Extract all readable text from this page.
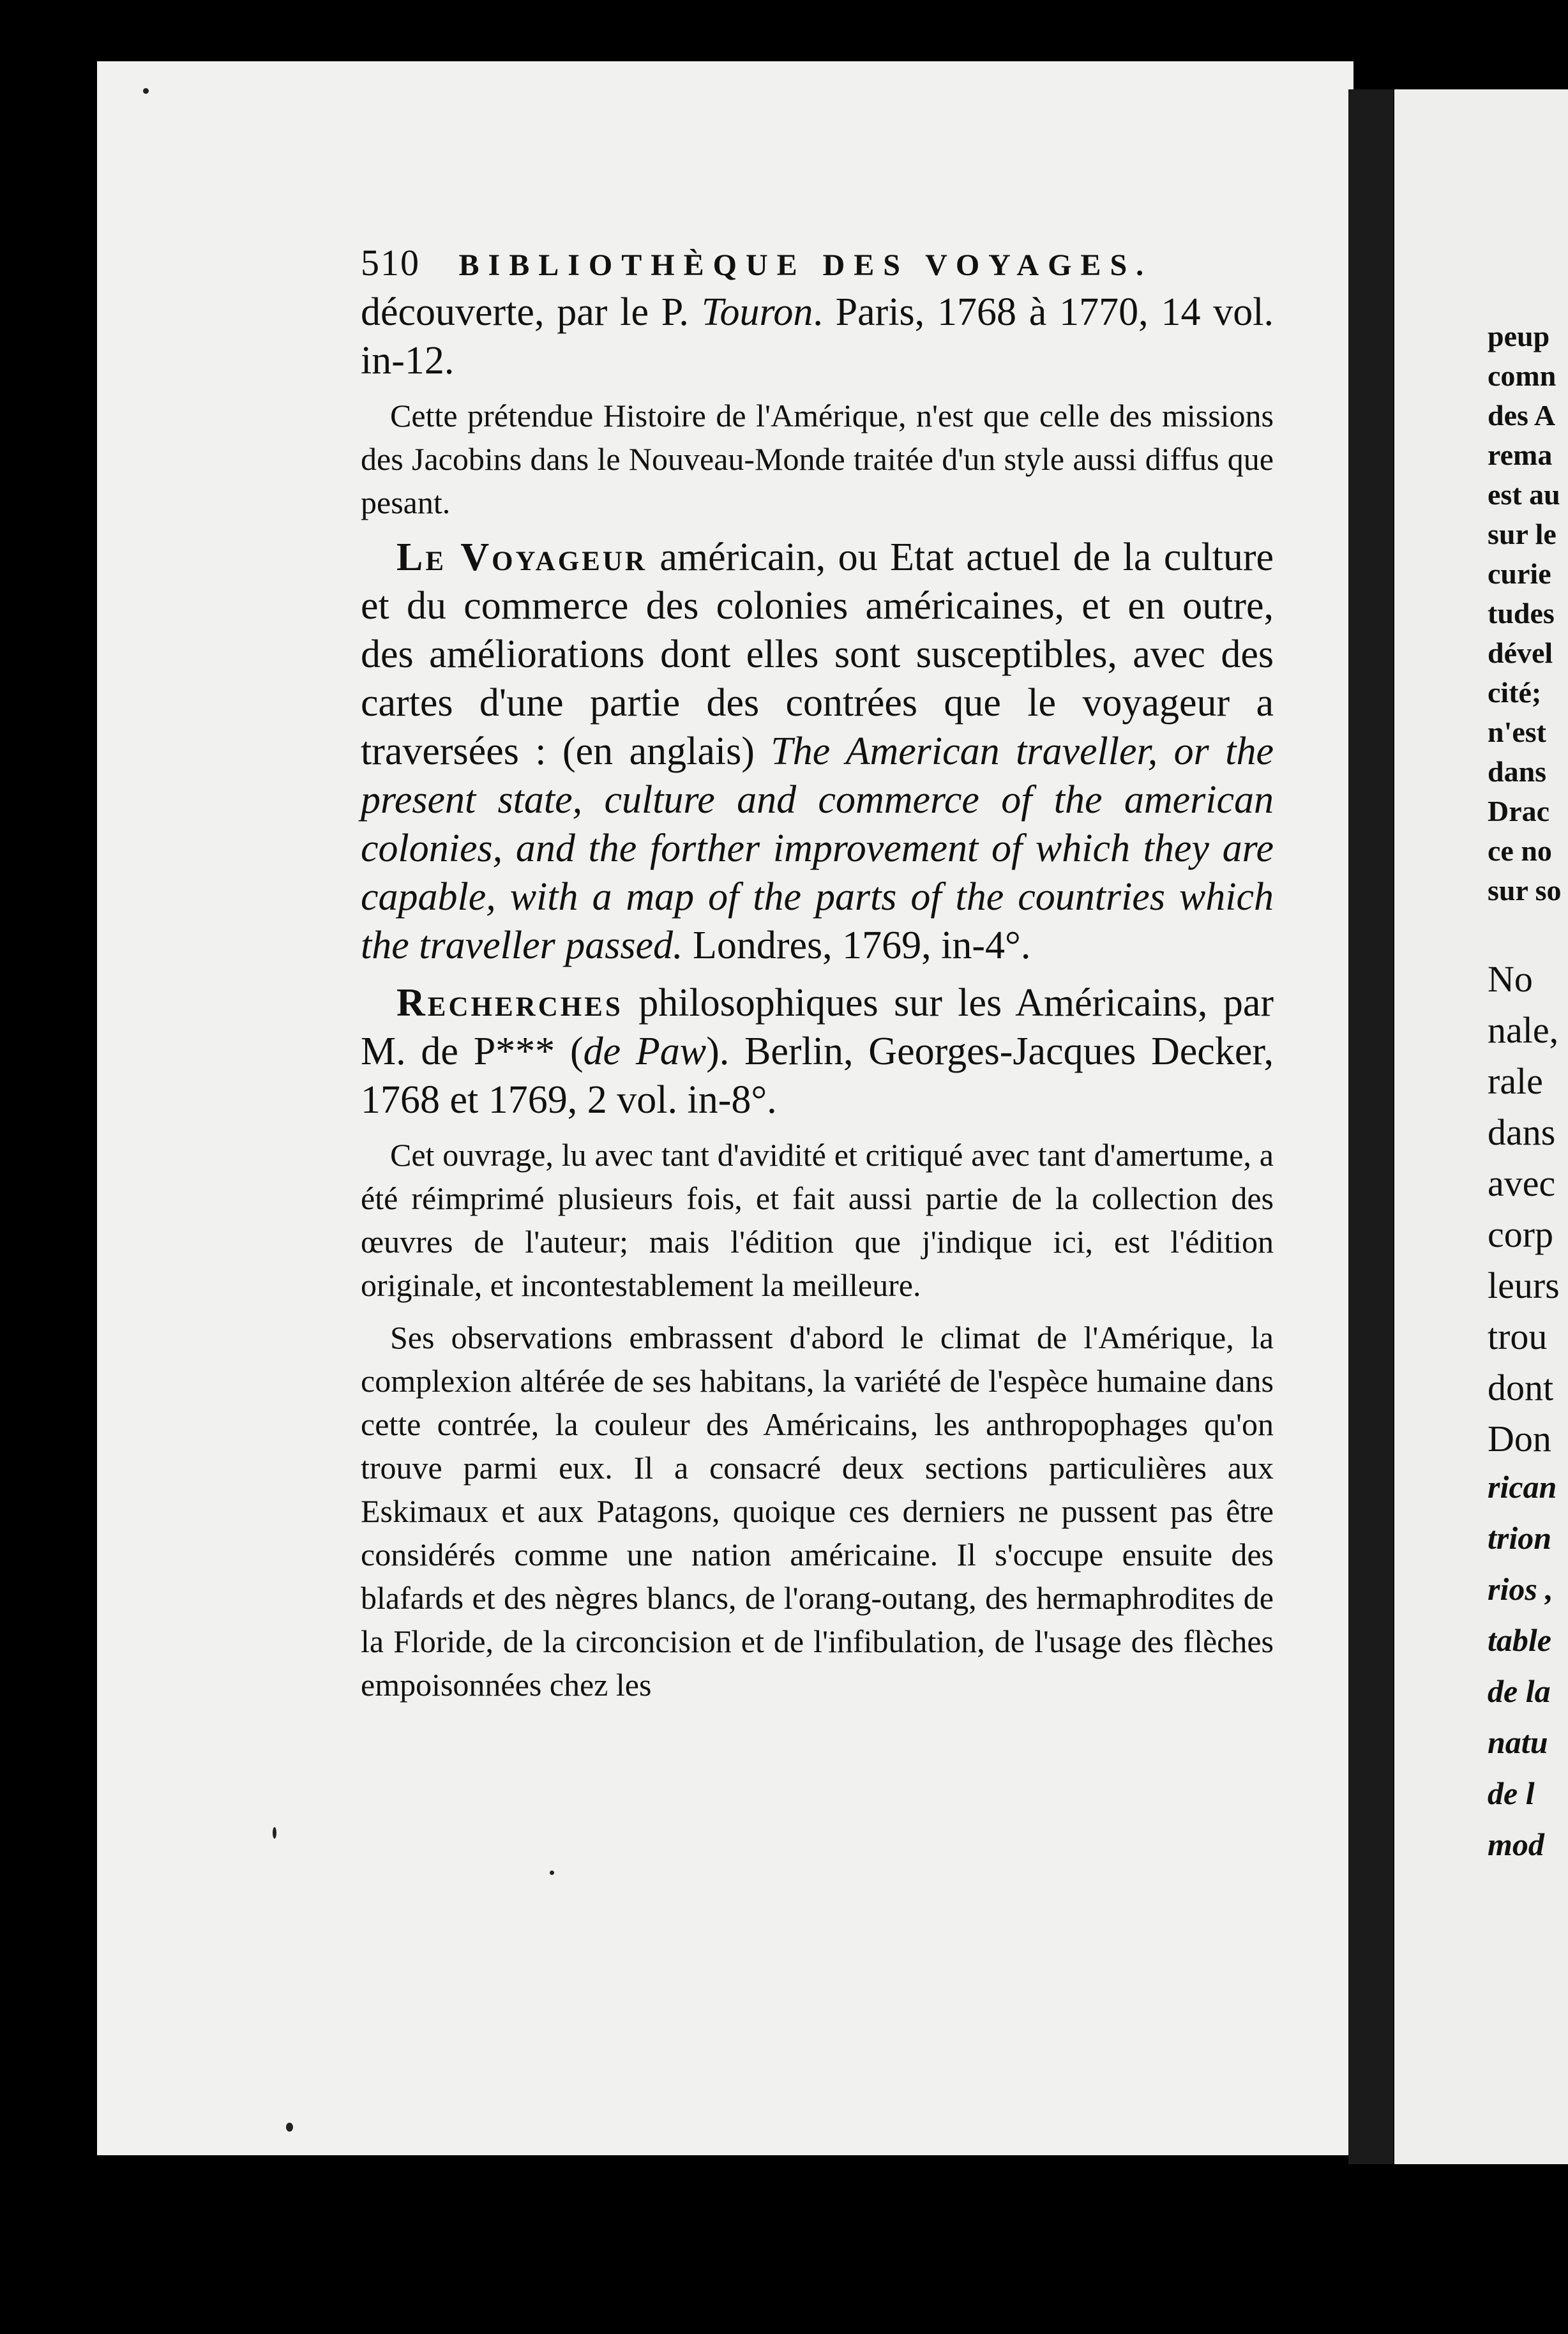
510 BIBLIOTHÈQUE DES VOYAGES.

découverte, par le P. Touron. Paris, 1768 à 1770, 14 vol. in-12.

Cette prétendue Histoire de l'Amérique, n'est que celle des missions des Jacobins dans le Nouveau-Monde traitée d'un style aussi diffus que pesant.

Le Voyageur américain, ou Etat actuel de la culture et du commerce des colonies américaines, et en outre, des améliorations dont elles sont susceptibles, avec des cartes d'une partie des contrées que le voyageur a traversées : (en anglais) The American traveller, or the present state, culture and commerce of the american colonies, and the forther improvement of which they are capable, with a map of the parts of the countries which the traveller passed. Londres, 1769, in-4°.

Recherches philosophiques sur les Américains, par M. de P*** (de Paw). Berlin, Georges-Jacques Decker, 1768 et 1769, 2 vol. in-8°.

Cet ouvrage, lu avec tant d'avidité et critiqué avec tant d'amertume, a été réimprimé plusieurs fois, et fait aussi partie de la collection des œuvres de l'auteur; mais l'édition que j'indique ici, est l'édition originale, et incontestablement la meilleure.

Ses observations embrassent d'abord le climat de l'Amérique, la complexion altérée de ses habitans, la variété de l'espèce humaine dans cette contrée, la couleur des Américains, les anthropophages qu'on trouve parmi eux. Il a consacré deux sections particulières aux Eskimaux et aux Patagons, quoique ces derniers ne pussent pas être considérés comme une nation américaine. Il s'occupe ensuite des blafards et des nègres blancs, de l'orang-outang, des hermaphrodites de la Floride, de la circoncision et de l'infibulation, de l'usage des flèches empoisonnées chez les

peup
comn
des A
rema
est au
sur le
curie
tudes
dével
cité;
n'est
dans
Drac
ce no
sur so
No
nale,
rale
dans
avec
corp
leurs
trou
dont
Don
rican
trion
rios ,
table
de la
natu
de l
mod
